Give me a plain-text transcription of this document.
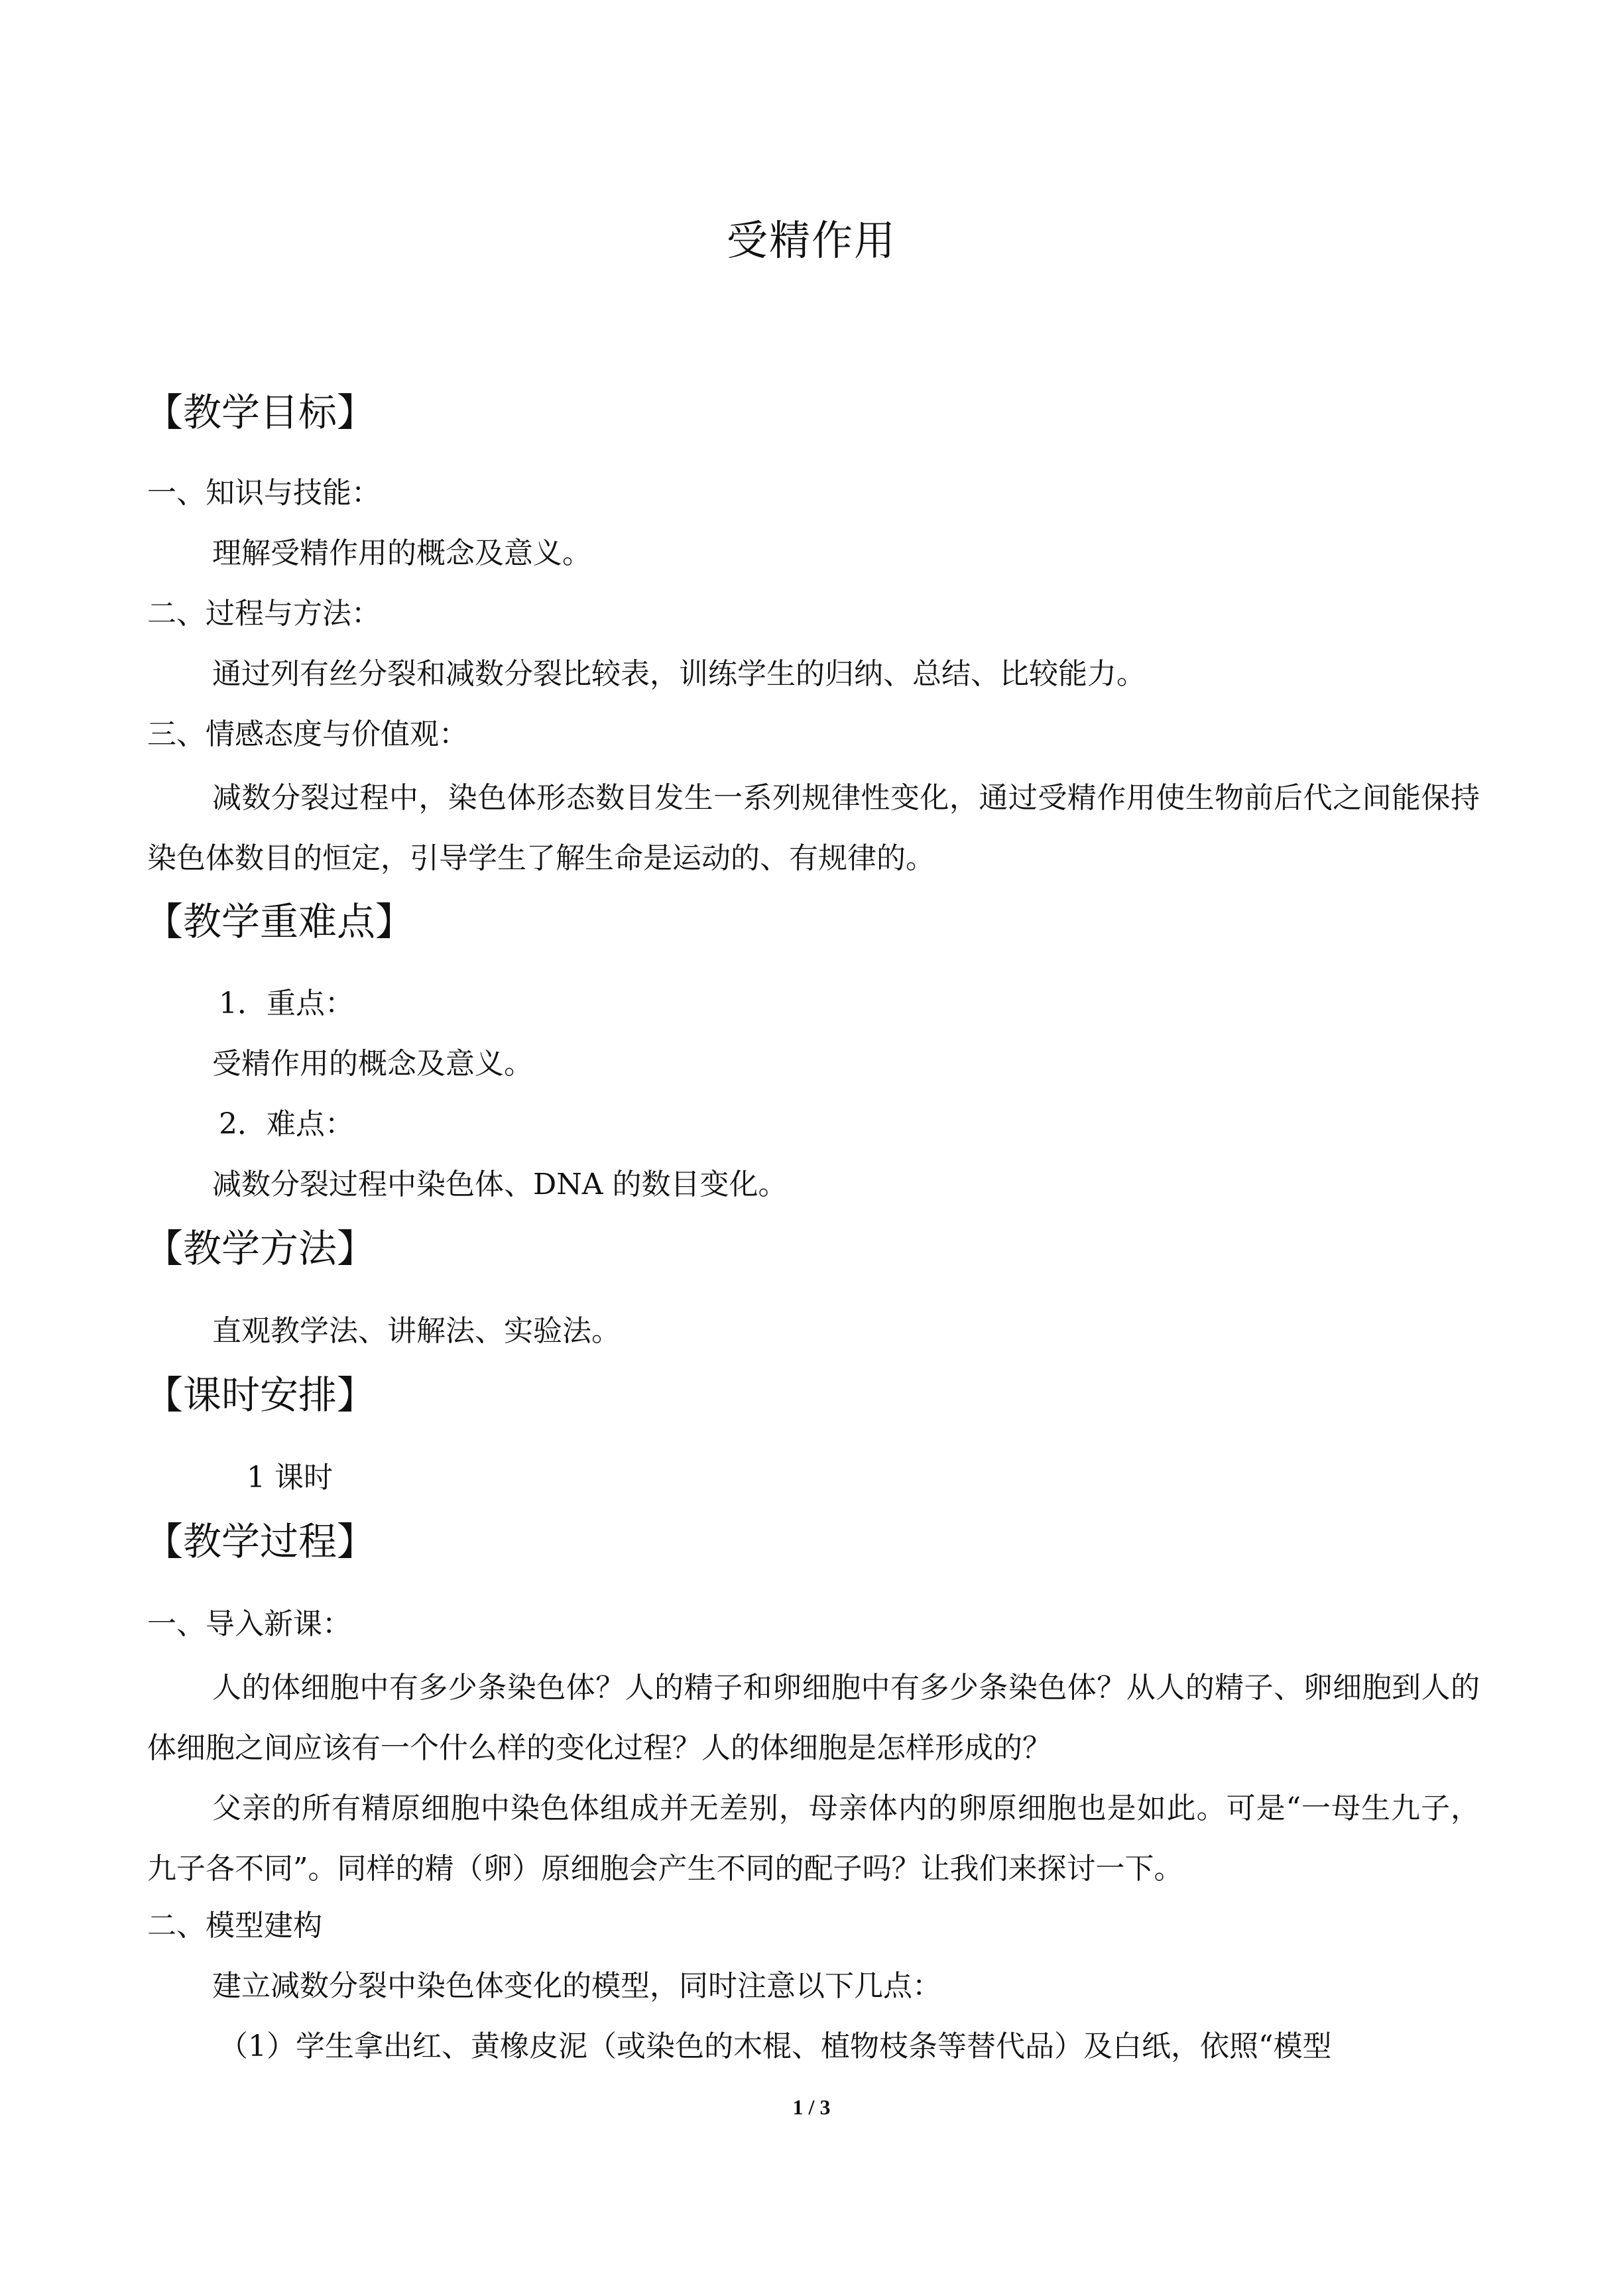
受精作用
【教学目标】
一、知识与技能：
理解受精作用的概念及意义。
二、过程与方法：
通过列有丝分裂和减数分裂比较表，训练学生的归纳、总结、比较能力。
三、情感态度与价值观：
减数分裂过程中，染色体形态数目发生一系列规律性变化，通过受精作用使生物前后代之间能保持染色体数目的恒定，引导学生了解生命是运动的、有规律的。
【教学重难点】
1．重点：
受精作用的概念及意义。
2．难点：
减数分裂过程中染色体、DNA 的数目变化。
【教学方法】
直观教学法、讲解法、实验法。
【课时安排】
1 课时
【教学过程】
一、导入新课：
人的体细胞中有多少条染色体？人的精子和卵细胞中有多少条染色体？从人的精子、卵细胞到人的体细胞之间应该有一个什么样的变化过程？人的体细胞是怎样形成的？
父亲的所有精原细胞中染色体组成并无差别，母亲体内的卵原细胞也是如此。可是“一母生九子，九子各不同”。同样的精（卵）原细胞会产生不同的配子吗？让我们来探讨一下。
二、模型建构
建立减数分裂中染色体变化的模型，同时注意以下几点：
（1）学生拿出红、黄橡皮泥（或染色的木棍、植物枝条等替代品）及白纸，依照“模型
1 / 3
